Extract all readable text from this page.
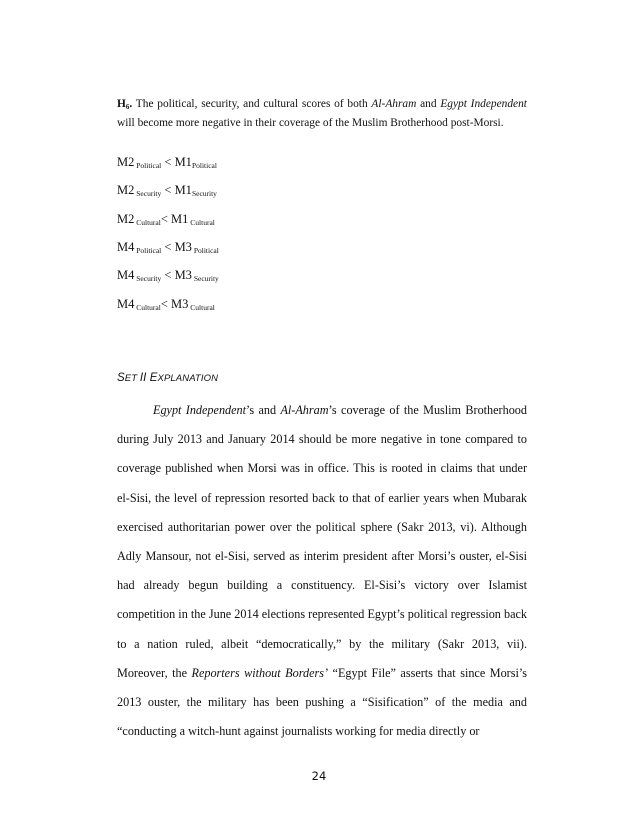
$H_6$. The political, security, and cultural scores of both Al-Ahram and Egypt Independent will become more negative in their coverage of the Muslim Brotherhood post-Morsi.

M2 Political < M1Political
M2 Security < M1Security
M2 Cultural< M1 Cultural
M4 Political < M3 Political
M4 Security < M3 Security
M4 Cultural< M3 Cultural

SET II EXPLANATION

Egypt Independent’s and Al-Ahram’s coverage of the Muslim Brotherhood during July 2013 and January 2014 should be more negative in tone compared to coverage published when Morsi was in office. This is rooted in claims that under el-Sisi, the level of repression resorted back to that of earlier years when Mubarak exercised authoritarian power over the political sphere (Sakr 2013, vi). Although Adly Mansour, not el-Sisi, served as interim president after Morsi’s ouster, el-Sisi had already begun building a constituency. El-Sisi’s victory over Islamist competition in the June 2014 elections represented Egypt’s political regression back to a nation ruled, albeit “democratically,” by the military (Sakr 2013, vii). Moreover, the Reporters without Borders’ “Egypt File” asserts that since Morsi’s 2013 ouster, the military has been pushing a “Sisification” of the media and “conducting a witch-hunt against journalists working for media directly or

24
